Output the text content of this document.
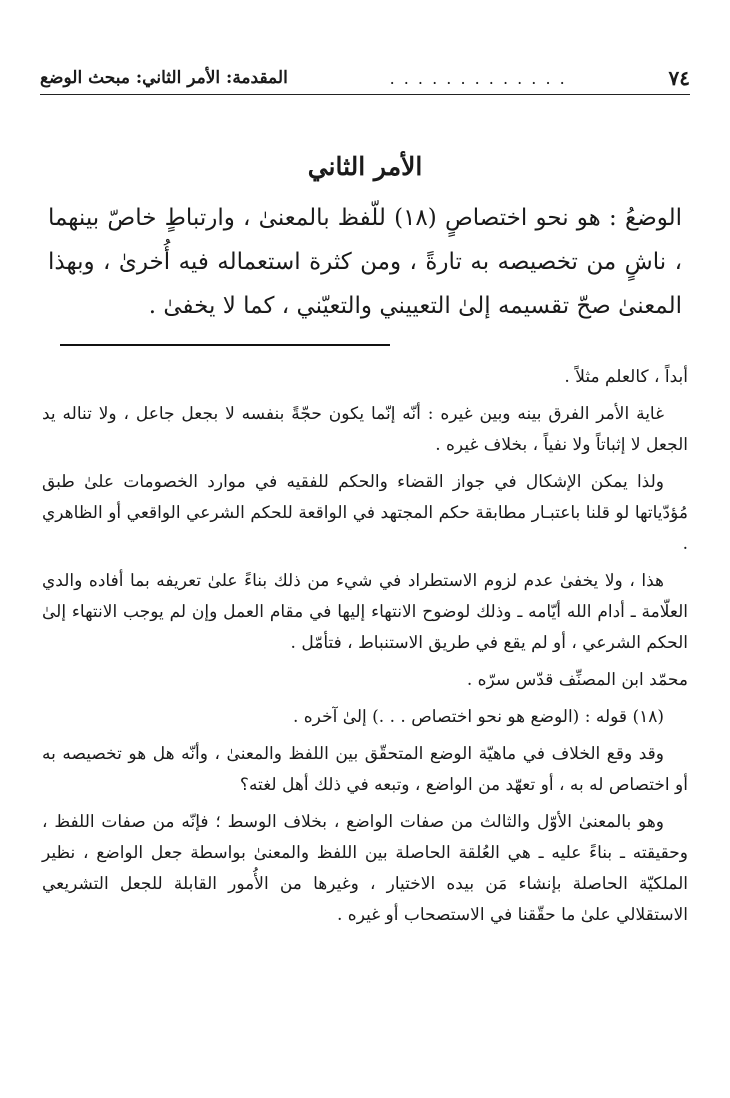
٧٤
. . . . . . . . . . . . .
المقدمة: الأمر الثاني: مبحث الوضع
الأمر الثاني

الوضعُ : هو نحو اختصاصٍ (١٨) للّفظ بالمعنىٰ ، وارتباطٍ خاصّ بينهما ، ناشٍ من تخصيصه به تارةً ، ومن كثرة استعماله فيه أُخرىٰ ، وبهذا المعنىٰ صحّ تقسيمه إلىٰ التعييني والتعيّني ، كما لا يخفىٰ .

أبداً ، كالعلم مثلاً .

غاية الأمر الفرق بينه وبين غيره : أنّه إنّما يكون حجّةً بنفسه لا بجعل جاعل ، ولا تناله يد الجعل لا إثباتاً ولا نفياً ، بخلاف غيره .

ولذا يمكن الإشكال في جواز القضاء والحكم للفقيه في موارد الخصومات علىٰ طبق مُؤدّياتها لو قلنا باعتبـار مطابقة حكم المجتهد في الواقعة للحكم الشرعي الواقعي أو الظاهري .

هذا ، ولا يخفىٰ عدم لزوم الاستطراد في شيء من ذلك بناءً علىٰ تعريفه بما أفاده والدي العلّامة ـ أدام الله أيّامه ـ وذلك لوضوح الانتهاء إليها في مقام العمل وإن لم يوجب الانتهاء إلىٰ الحكم الشرعي ، أو لم يقع في طريق الاستنباط ، فتأمّل .

محمّد ابن المصنِّف قدّس سرّه .

(١٨) قوله : (الوضع هو نحو اختصاص . . .) إلىٰ آخره .

وقد وقع الخلاف في ماهيّة الوضع المتحقّق بين اللفظ والمعنىٰ ، وأنّه هل هو تخصيصه به أو اختصاص له به ، أو تعهّد من الواضع ، وتبعه في ذلك أهل لغته؟

وهو بالمعنىٰ الأوّل والثالث من صفات الواضع ، بخلاف الوسط ؛ فإنّه من صفات اللفظ ، وحقيقته ـ بناءً عليه ـ هي العُلقة الحاصلة بين اللفظ والمعنىٰ بواسطة جعل الواضع ، نظير الملكيّة الحاصلة بإنشاء مَن بيده الاختيار ، وغيرها من الأُمور القابلة للجعل التشريعي الاستقلالي علىٰ ما حقّقنا في الاستصحاب أو غيره .
